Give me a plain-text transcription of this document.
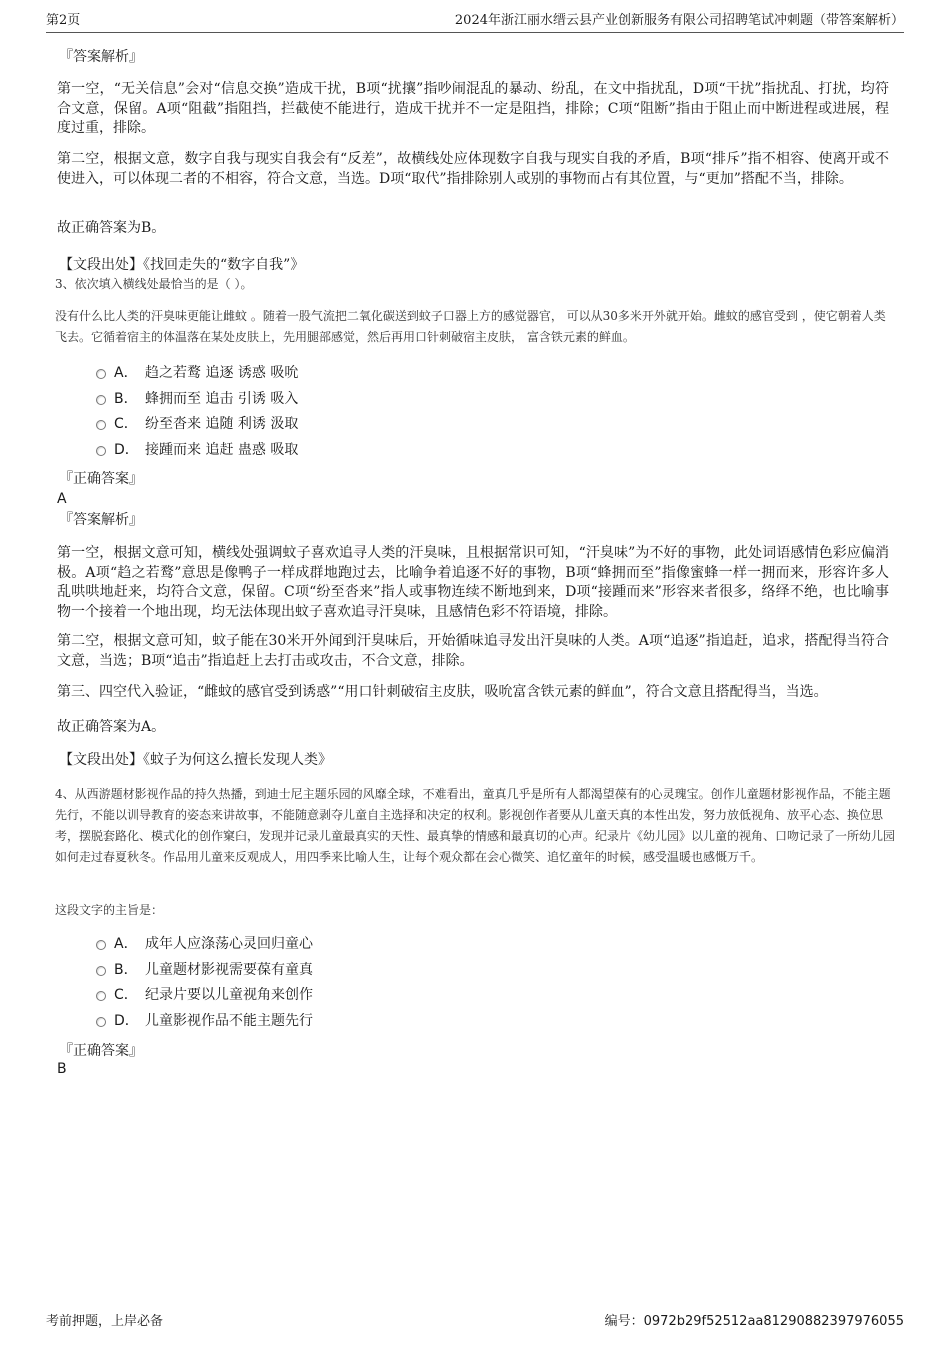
第2页	2024年浙江丽水缙云县产业创新服务有限公司招聘笔试冲刺题（带答案解析）
『答案解析』
第一空，“无关信息”会对“信息交换”造成干扰，B项“扰攘”指吵闹混乱的暴动、纷乱，在文中指扰乱，D项“干扰”指扰乱、打扰，均符合文意，保留。A项“阻截”指阻挡，拦截使不能进行，造成干扰并不一定是阻挡，排除；C项“阻断”指由于阻止而中断进程或进展，程度过重，排除。
第二空，根据文意，数字自我与现实自我会有“反差”，故横线处应体现数字自我与现实自我的矛盾，B项“排斥”指不相容、使离开或不使进入，可以体现二者的不相容，符合文意，当选。D项“取代”指排除别人或别的事物而占有其位置，与“更加”搭配不当，排除。
故正确答案为B。
【文段出处】《找回走失的“数字自我”》
3、依次填入横线处最恰当的是（ ）。
没有什么比人类的汗臭味更能让雌蚊 。随着一股气流把二氧化碳送到蚊子口器上方的感觉器官， 可以从30多米开外就开始。雌蚊的感官受到 ，使它朝着人类飞去。它循着宿主的体温落在某处皮肤上，先用腿部感觉，然后再用口针刺破宿主皮肤， 富含铁元素的鲜血。
A． 趋之若鹜 追逐 诱惑 吸吮
B． 蜂拥而至 追击 引诱 吸入
C． 纷至沓来 追随 利诱 汲取
D． 接踵而来 追赶 蛊惑 吸取
『正确答案』
A
『答案解析』
第一空，根据文意可知，横线处强调蚊子喜欢追寻人类的汗臭味，且根据常识可知，“汗臭味”为不好的事物，此处词语感情色彩应偏消极。A项“趋之若鹜”意思是像鸭子一样成群地跑过去，比喻争着追逐不好的事物，B项“蜂拥而至”指像蜜蜂一样一拥而来，形容许多人乱哄哄地赶来，均符合文意，保留。C项“纷至沓来”指人或事物连续不断地到来，D项“接踵而来”形容来者很多，络绎不绝，也比喻事物一个接着一个地出现，均无法体现出蚊子喜欢追寻汗臭味，且感情色彩不符语境，排除。
第二空，根据文意可知，蚊子能在30米开外闻到汗臭味后，开始循味追寻发出汗臭味的人类。A项“追逐”指追赶，追求，搭配得当符合文意，当选；B项“追击”指追赶上去打击或攻击，不合文意，排除。
第三、四空代入验证，“雌蚊的感官受到诱惑”“用口针刺破宿主皮肤，吸吮富含铁元素的鲜血”，符合文意且搭配得当，当选。
故正确答案为A。
【文段出处】《蚊子为何这么擅长发现人类》
4、从西游题材影视作品的持久热播，到迪士尼主题乐园的风靡全球，不难看出，童真几乎是所有人都渴望葆有的心灵瑰宝。创作儿童题材影视作品，不能主题先行，不能以训导教育的姿态来讲故事，不能随意剥夺儿童自主选择和决定的权利。影视创作者要从儿童天真的本性出发，努力放低视角、放平心态、换位思考，摆脱套路化、模式化的创作窠臼，发现并记录儿童最真实的天性、最真挚的情感和最真切的心声。纪录片《幼儿园》以儿童的视角、口吻记录了一所幼儿园如何走过春夏秋冬。作品用儿童来反观成人，用四季来比喻人生，让每个观众都在会心微笑、追忆童年的时候，感受温暖也感慨万千。
这段文字的主旨是：
A． 成年人应涤荡心灵回归童心
B． 儿童题材影视需要葆有童真
C． 纪录片要以儿童视角来创作
D． 儿童影视作品不能主题先行
『正确答案』
B
考前押题，上岸必备	编号：0972b29f52512aa81290882397976055
